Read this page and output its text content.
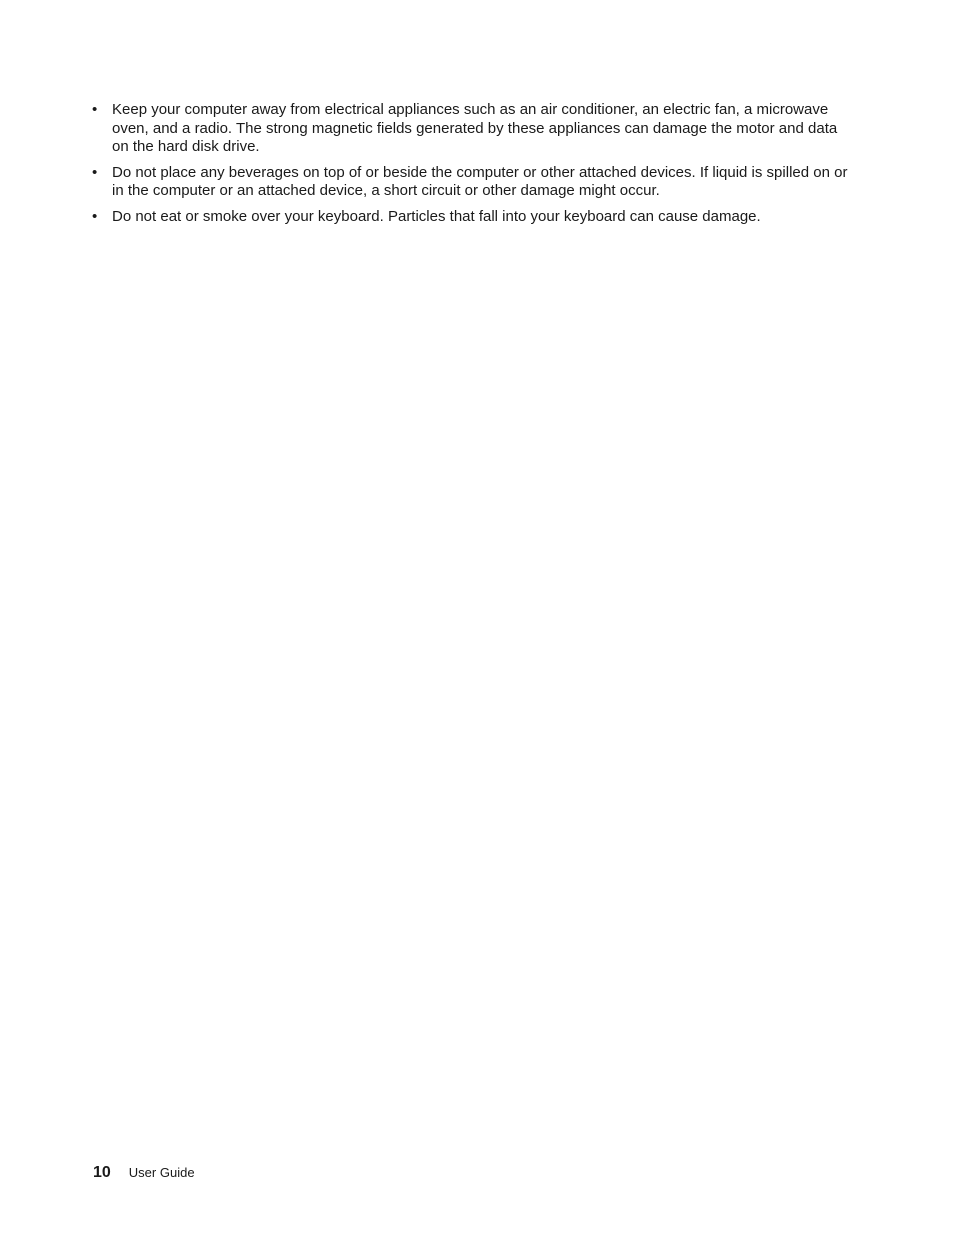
• Keep your computer away from electrical appliances such as an air conditioner, an electric fan, a microwave oven, and a radio. The strong magnetic fields generated by these appliances can damage the motor and data on the hard disk drive.
• Do not place any beverages on top of or beside the computer or other attached devices. If liquid is spilled on or in the computer or an attached device, a short circuit or other damage might occur.
• Do not eat or smoke over your keyboard. Particles that fall into your keyboard can cause damage.
10 User Guide
